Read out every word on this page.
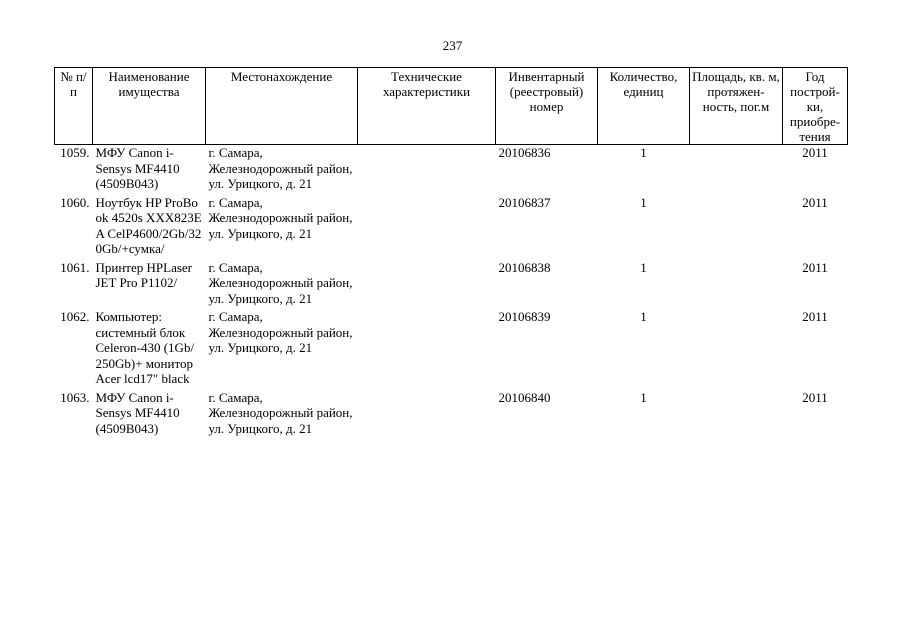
237
№ п/п	Наименование имущества	Местонахождение	Технические характеристики	Инвентарный (реестровый) номер	Количество, единиц	Площадь, кв. м, протяжен- ность, пог.м	Год построй- ки, приобре- тения
1059.	МФУ Canon i-Sensys MF4410 (4509B043)	г. Самара, Железнодорожный район, ул. Урицкого, д. 21		20106836	1		2011
1060.	Ноутбук HP ProBook 4520s XXX823EA CelP4600/2Gb/320Gb/+сумка/	г. Самара, Железнодорожный район, ул. Урицкого, д. 21		20106837	1		2011
1061.	Принтер HPLaser JET Pro P1102/	г. Самара, Железнодорожный район, ул. Урицкого, д. 21		20106838	1		2011
1062.	Компьютер: системный блок Celeron-430 (1Gb/ 250Gb)+ монитор Acer lcd17" black	г. Самара, Железнодорожный район, ул. Урицкого, д. 21		20106839	1		2011
1063.	МФУ Canon i-Sensys MF4410 (4509B043)	г. Самара, Железнодорожный район, ул. Урицкого, д. 21		20106840	1		2011
